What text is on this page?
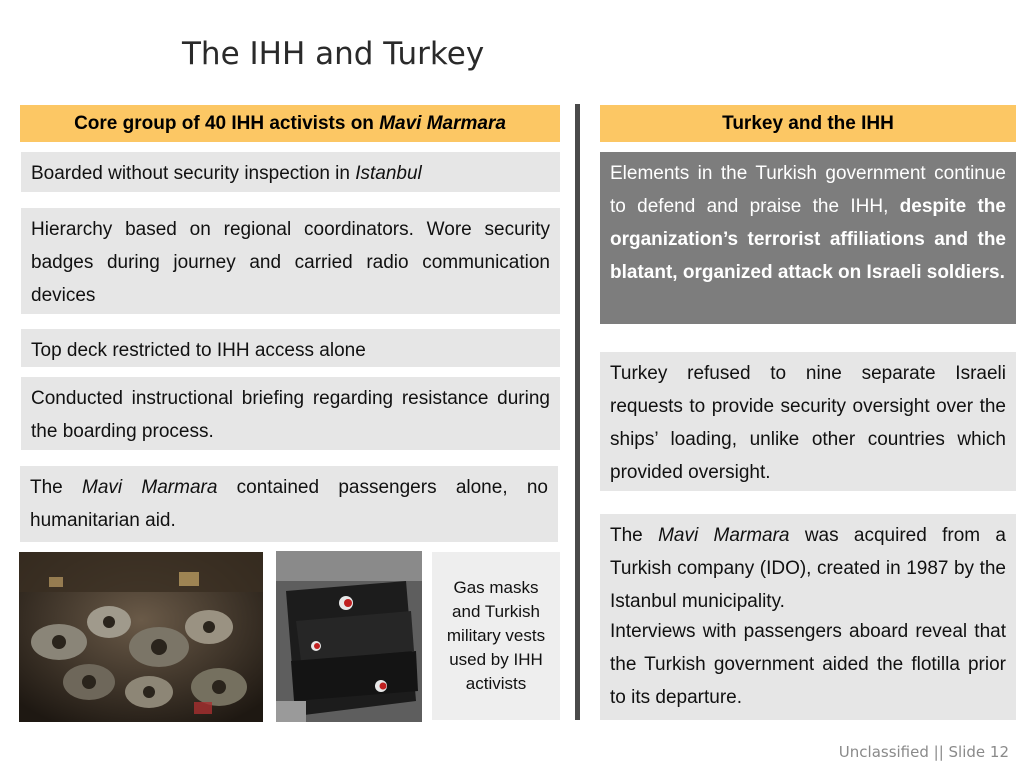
The IHH and Turkey
Core group of 40 IHH activists on
Mavi Marmara
Boarded without security inspection in Istanbul
Hierarchy based on regional coordinators. Wore security badges during journey and carried radio communication devices
Top deck restricted to IHH access alone
Conducted instructional briefing regarding resistance during the boarding process.
The Mavi Marmara contained passengers alone, no humanitarian aid.
Gas masks and Turkish military vests used by IHH activists
Turkey and the IHH
Elements in the Turkish government continue to defend and praise the IHH, despite the organization’s terrorist affiliations and the blatant, organized attack on Israeli soldiers.
Turkey refused to nine separate Israeli requests to provide security oversight over the ships’ loading, unlike other countries which provided oversight.
The Mavi Marmara was acquired from a Turkish company (IDO), created in 1987 by the Istanbul municipality.
Interviews with passengers aboard reveal that the Turkish government aided the flotilla prior to its departure.
Unclassified || Slide 12
